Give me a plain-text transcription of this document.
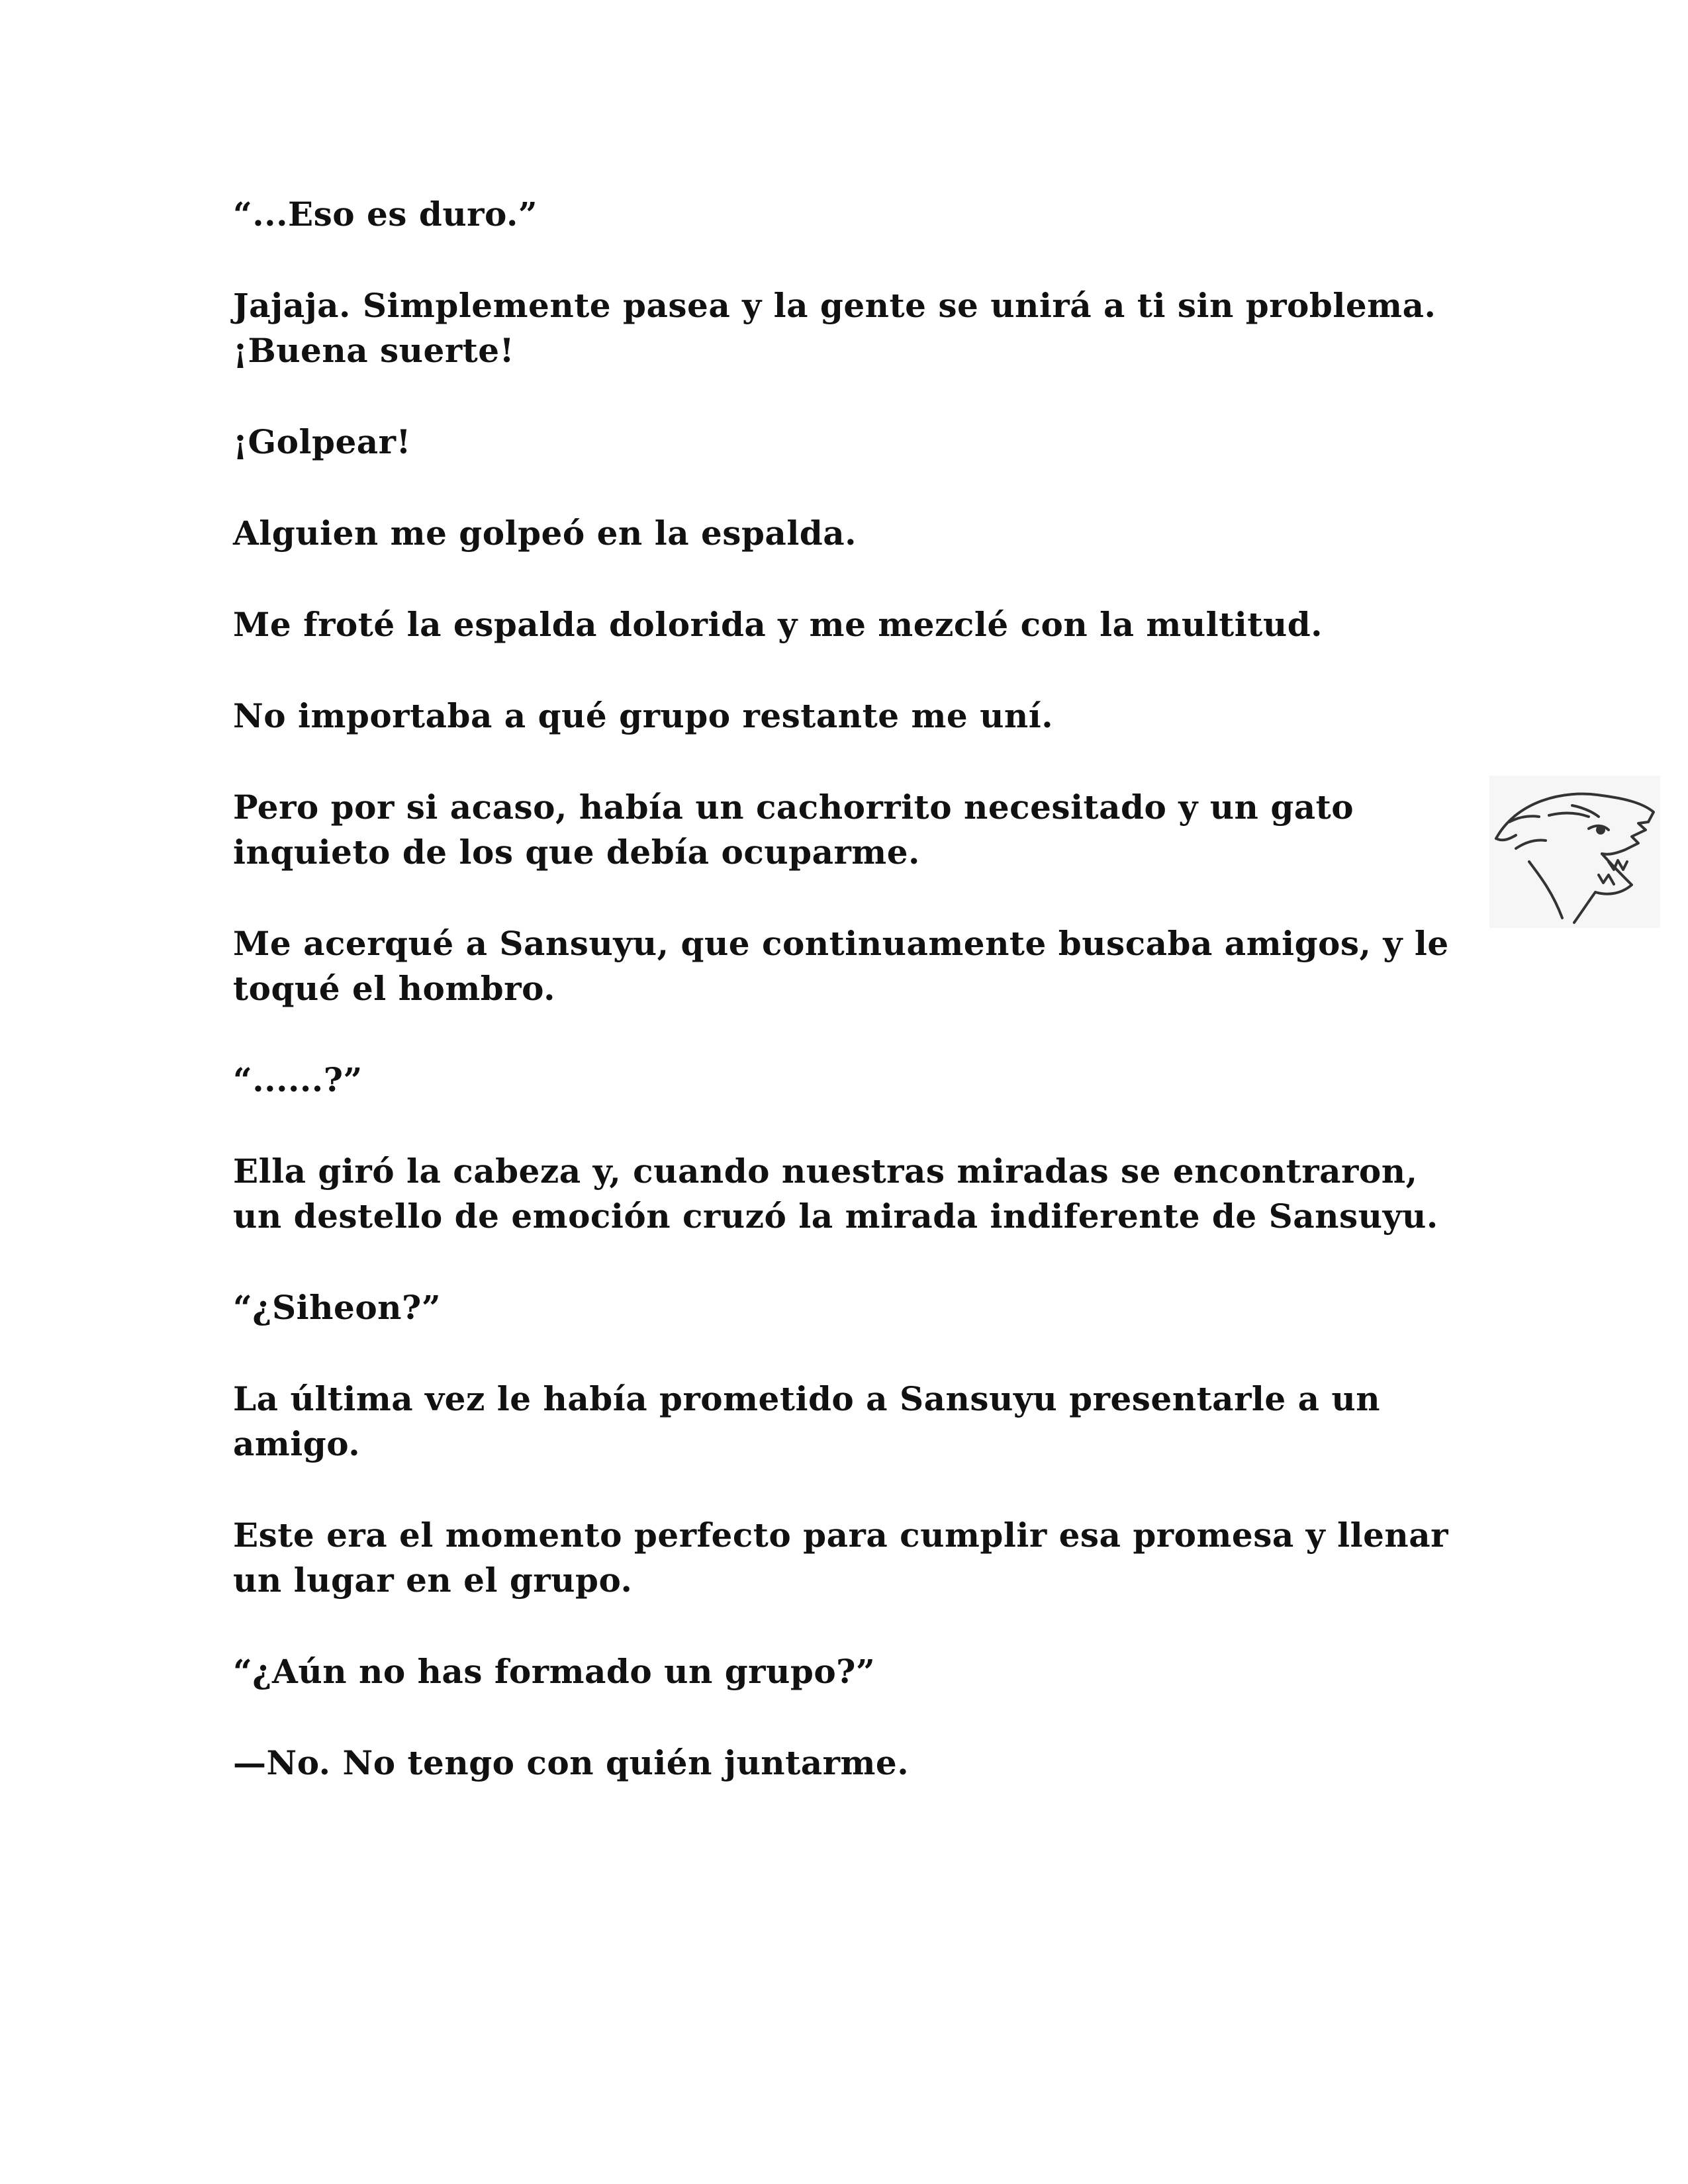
“...Eso es duro.”

Jajaja. Simplemente pasea y la gente se unirá a ti sin problema. ¡Buena suerte!

¡Golpear!

Alguien me golpeó en la espalda.

Me froté la espalda dolorida y me mezclé con la multitud.

No importaba a qué grupo restante me uní.

Pero por si acaso, había un cachorrito necesitado y un gato inquieto de los que debía ocuparme.

Me acerqué a Sansuyu, que continuamente buscaba amigos, y le toqué el hombro.

“......?”

Ella giró la cabeza y, cuando nuestras miradas se encontraron, un destello de emoción cruzó la mirada indiferente de Sansuyu.

“¿Siheon?”

La última vez le había prometido a Sansuyu presentarle a un amigo.

Este era el momento perfecto para cumplir esa promesa y llenar un lugar en el grupo.

“¿Aún no has formado un grupo?”

—No. No tengo con quién juntarme.
